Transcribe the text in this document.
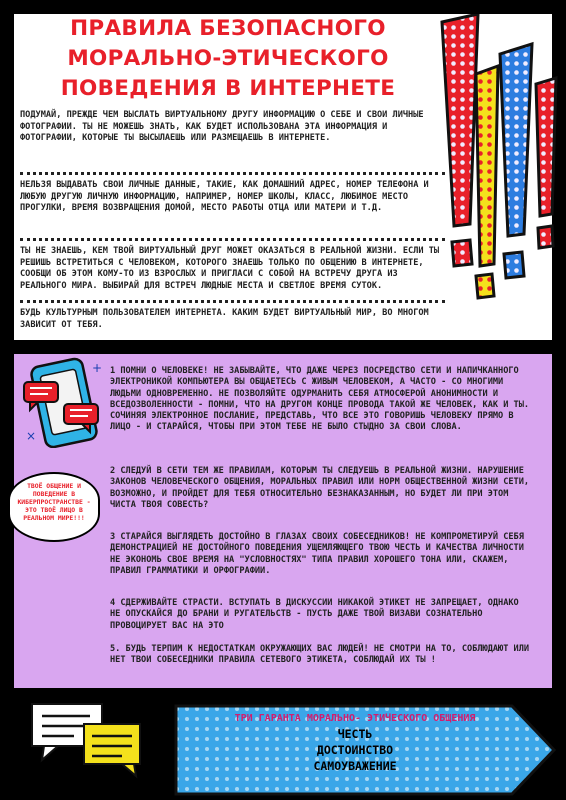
ПРАВИЛА БЕЗОПАСНОГО
МОРАЛЬНО-ЭТИЧЕСКОГО
ПОВЕДЕНИЯ В ИНТЕРНЕТЕ
ПОДУМАЙ, ПРЕЖДЕ ЧЕМ ВЫСЛАТЬ ВИРТУАЛЬНОМУ ДРУГУ ИНФОРМАЦИЮ О СЕБЕ И СВОИ ЛИЧНЫЕ ФОТОГРАФИИ. ТЫ НЕ МОЖЕШЬ ЗНАТЬ, КАК БУДЕТ ИСПОЛЬЗОВАНА ЭТА ИНФОРМАЦИЯ И ФОТОГРАФИИ, КОТОРЫЕ ТЫ ВЫСЫЛАЕШЬ ИЛИ РАЗМЕЩАЕШЬ В ИНТЕРНЕТЕ.
НЕЛЬЗЯ ВЫДАВАТЬ СВОИ ЛИЧНЫЕ ДАННЫЕ, ТАКИЕ, КАК ДОМАШНИЙ АДРЕС, НОМЕР ТЕЛЕФОНА И ЛЮБУЮ ДРУГУЮ ЛИЧНУЮ ИНФОРМАЦИЮ, НАПРИМЕР, НОМЕР ШКОЛЫ, КЛАСС, ЛЮБИМОЕ МЕСТО ПРОГУЛКИ, ВРЕМЯ ВОЗВРАЩЕНИЯ ДОМОЙ, МЕСТО РАБОТЫ ОТЦА ИЛИ МАТЕРИ И Т.Д.
ТЫ НЕ ЗНАЕШЬ, КЕМ ТВОЙ ВИРТУАЛЬНЫЙ ДРУГ МОЖЕТ ОКАЗАТЬСЯ В РЕАЛЬНОЙ ЖИЗНИ. ЕСЛИ ТЫ РЕШИШЬ ВСТРЕТИТЬСЯ С ЧЕЛОВЕКОМ, КОТОРОГО ЗНАЕШЬ ТОЛЬКО ПО ОБЩЕНИЮ В ИНТЕРНЕТЕ, СООБЩИ ОБ ЭТОМ КОМУ-ТО ИЗ ВЗРОСЛЫХ И ПРИГЛАСИ С СОБОЙ НА ВСТРЕЧУ ДРУГА ИЗ РЕАЛЬНОГО МИРА. ВЫБИРАЙ ДЛЯ ВСТРЕЧ ЛЮДНЫЕ МЕСТА И СВЕТЛОЕ ВРЕМЯ СУТОК.
БУДЬ КУЛЬТУРНЫМ ПОЛЬЗОВАТЕЛЕМ ИНТЕРНЕТА. КАКИМ БУДЕТ ВИРТУАЛЬНЫЙ МИР, ВО МНОГОМ ЗАВИСИТ ОТ ТЕБЯ.
+
×
ТВОЁ ОБЩЕНИЕ И ПОВЕДЕНИЕ В КИБЕРПРОСТРАНСТВЕ - ЭТО ТВОЁ ЛИЦО В РЕАЛЬНОМ МИРЕ!!!
1 ПОМНИ О ЧЕЛОВЕКЕ! НЕ ЗАБЫВАЙТЕ, ЧТО ДАЖЕ ЧЕРЕЗ ПОСРЕДСТВО СЕТИ И НАПИЧКАННОГО ЭЛЕКТРОНИКОЙ КОМПЬЮТЕРА ВЫ ОБЩАЕТЕСЬ С ЖИВЫМ ЧЕЛОВЕКОМ, А ЧАСТО - СО МНОГИМИ ЛЮДЬМИ ОДНОВРЕМЕННО. НЕ ПОЗВОЛЯЙТЕ ОДУРМАНИТЬ СЕБЯ АТМОСФЕРОЙ АНОНИМНОСТИ И ВСЕДОЗВОЛЕННОСТИ - ПОМНИ, ЧТО НА ДРУГОМ КОНЦЕ ПРОВОДА ТАКОЙ ЖЕ ЧЕЛОВЕК, КАК И ТЫ. СОЧИНЯЯ ЭЛЕКТРОННОЕ ПОСЛАНИЕ, ПРЕДСТАВЬ, ЧТО ВСЕ ЭТО ГОВОРИШЬ ЧЕЛОВЕКУ ПРЯМО В ЛИЦО - И СТАРАЙСЯ, ЧТОБЫ ПРИ ЭТОМ ТЕБЕ НЕ БЫЛО СТЫДНО ЗА СВОИ СЛОВА.
2 СЛЕДУЙ В СЕТИ ТЕМ ЖЕ ПРАВИЛАМ, КОТОРЫМ ТЫ СЛЕДУЕШЬ В РЕАЛЬНОЙ ЖИЗНИ. НАРУШЕНИЕ ЗАКОНОВ ЧЕЛОВЕЧЕСКОГО ОБЩЕНИЯ, МОРАЛЬНЫХ ПРАВИЛ ИЛИ НОРМ ОБЩЕСТВЕННОЙ ЖИЗНИ СЕТИ, ВОЗМОЖНО, И ПРОЙДЕТ ДЛЯ ТЕБЯ ОТНОСИТЕЛЬНО БЕЗНАКАЗАННЫМ, НО БУДЕТ ЛИ ПРИ ЭТОМ ЧИСТА ТВОЯ СОВЕСТЬ?
3 СТАРАЙСЯ ВЫГЛЯДЕТЬ ДОСТОЙНО В ГЛАЗАХ СВОИХ СОБЕСЕДНИКОВ! НЕ КОМПРОМЕТИРУЙ СЕБЯ ДЕМОНСТРАЦИЕЙ НЕ ДОСТОЙНОГО ПОВЕДЕНИЯ УЩЕМЛЯЮЩЕГО ТВОЮ ЧЕСТЬ И КАЧЕСТВА ЛИЧНОСТИ НЕ ЭКОНОМЬ СВОЕ ВРЕМЯ НА "УСЛОВНОСТЯХ" ТИПА ПРАВИЛ ХОРОШЕГО ТОНА ИЛИ, СКАЖЕМ, ПРАВИЛ ГРАММАТИКИ И ОРФОГРАФИИ.
4 СДЕРЖИВАЙТЕ СТРАСТИ. ВСТУПАТЬ В ДИСКУССИИ НИКАКОЙ ЭТИКЕТ НЕ ЗАПРЕЩАЕТ, ОДНАКО НЕ ОПУСКАЙСЯ ДО БРАНИ И РУГАТЕЛЬСТВ - ПУСТЬ ДАЖЕ ТВОЙ ВИЗАВИ СОЗНАТЕЛЬНО ПРОВОЦИРУЕТ ВАС НА ЭТО
5. БУДЬ ТЕРПИМ К НЕДОСТАТКАМ ОКРУЖАЮЩИХ ВАС ЛЮДЕЙ! НЕ СМОТРИ НА ТО, СОБЛЮДАЮТ ИЛИ НЕТ ТВОИ СОБЕСЕДНИКИ ПРАВИЛА СЕТЕВОГО ЭТИКЕТА, СОБЛЮДАЙ ИХ ТЫ !
ТРИ ГАРАНТА МОРАЛЬНО- ЭТИЧЕСКОГО ОБЩЕНИЯ
ЧЕСТЬ
ДОСТОИНСТВО
САМОУВАЖЕНИЕ
